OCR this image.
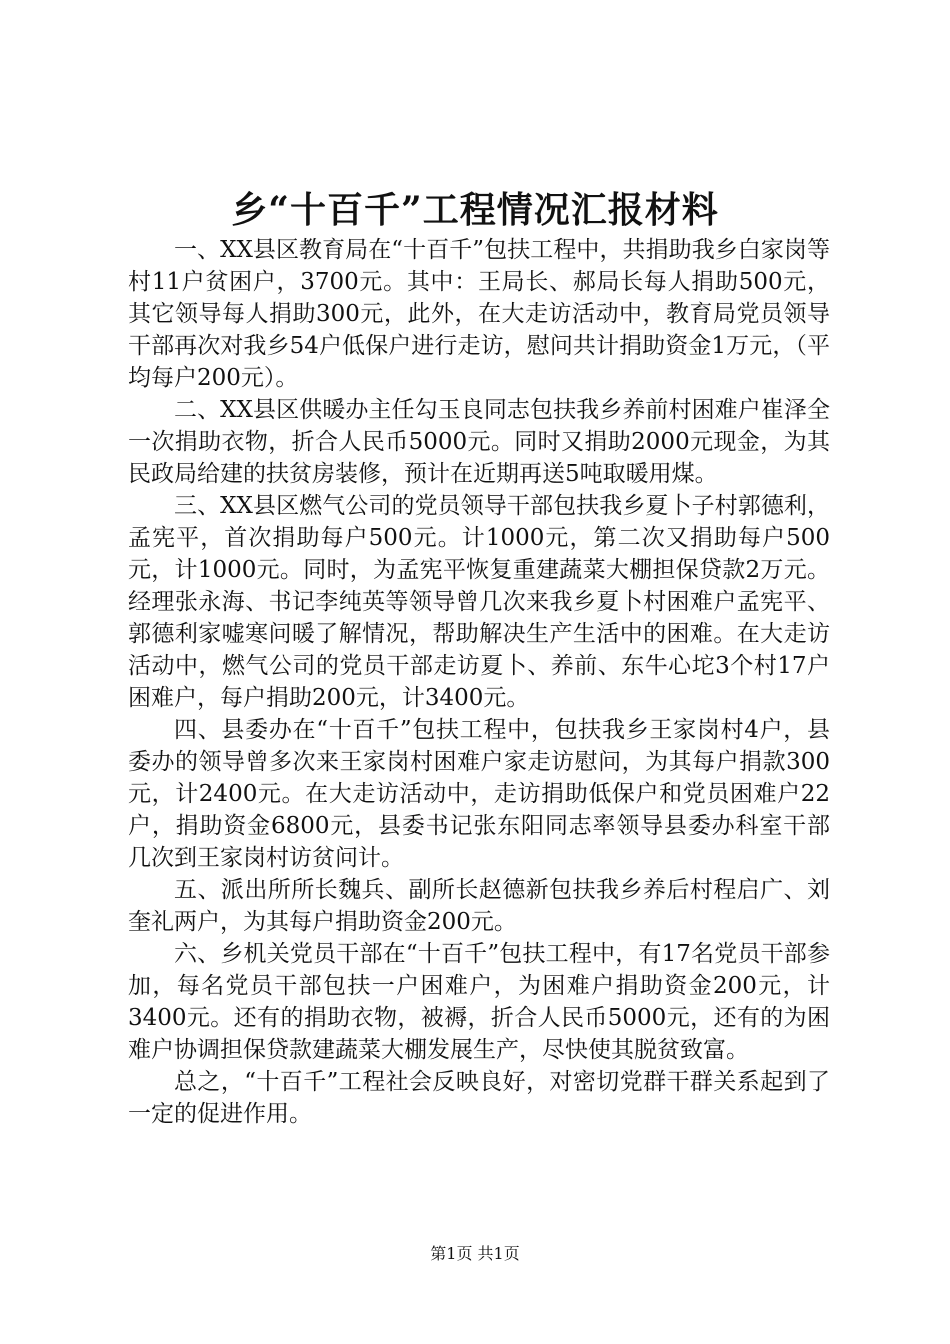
乡“十百千”工程情况汇报材料

一、XX县区教育局在“十百千”包扶工程中，共捐助我乡白家岗等村11户贫困户，3700元。其中：王局长、郝局长每人捐助500元，其它领导每人捐助300元，此外，在大走访活动中，教育局党员领导干部再次对我乡54户低保户进行走访，慰问共计捐助资金1万元，（平均每户200元）。

二、XX县区供暖办主任勾玉良同志包扶我乡养前村困难户崔泽全一次捐助衣物，折合人民币5000元。同时又捐助2000元现金，为其民政局给建的扶贫房装修，预计在近期再送5吨取暖用煤。

三、XX县区燃气公司的党员领导干部包扶我乡夏卜子村郭德利，孟宪平，首次捐助每户500元。计1000元，第二次又捐助每户500元，计1000元。同时，为孟宪平恢复重建蔬菜大棚担保贷款2万元。经理张永海、书记李纯英等领导曾几次来我乡夏卜村困难户孟宪平、郭德利家嘘寒问暖了解情况，帮助解决生产生活中的困难。在大走访活动中，燃气公司的党员干部走访夏卜、养前、东牛心坨3个村17户困难户，每户捐助200元，计3400元。

四、县委办在“十百千”包扶工程中，包扶我乡王家岗村4户，县委办的领导曾多次来王家岗村困难户家走访慰问，为其每户捐款300元，计2400元。在大走访活动中，走访捐助低保户和党员困难户22户，捐助资金6800元，县委书记张东阳同志率领导县委办科室干部几次到王家岗村访贫问计。

五、派出所所长魏兵、副所长赵德新包扶我乡养后村程启广、刘奎礼两户，为其每户捐助资金200元。

六、乡机关党员干部在“十百千”包扶工程中，有17名党员干部参加，每名党员干部包扶一户困难户，为困难户捐助资金200元，计3400元。还有的捐助衣物，被褥，折合人民币5000元，还有的为困难户协调担保贷款建蔬菜大棚发展生产，尽快使其脱贫致富。

总之，“十百千”工程社会反映良好，对密切党群干群关系起到了一定的促进作用。

第1页 共1页
